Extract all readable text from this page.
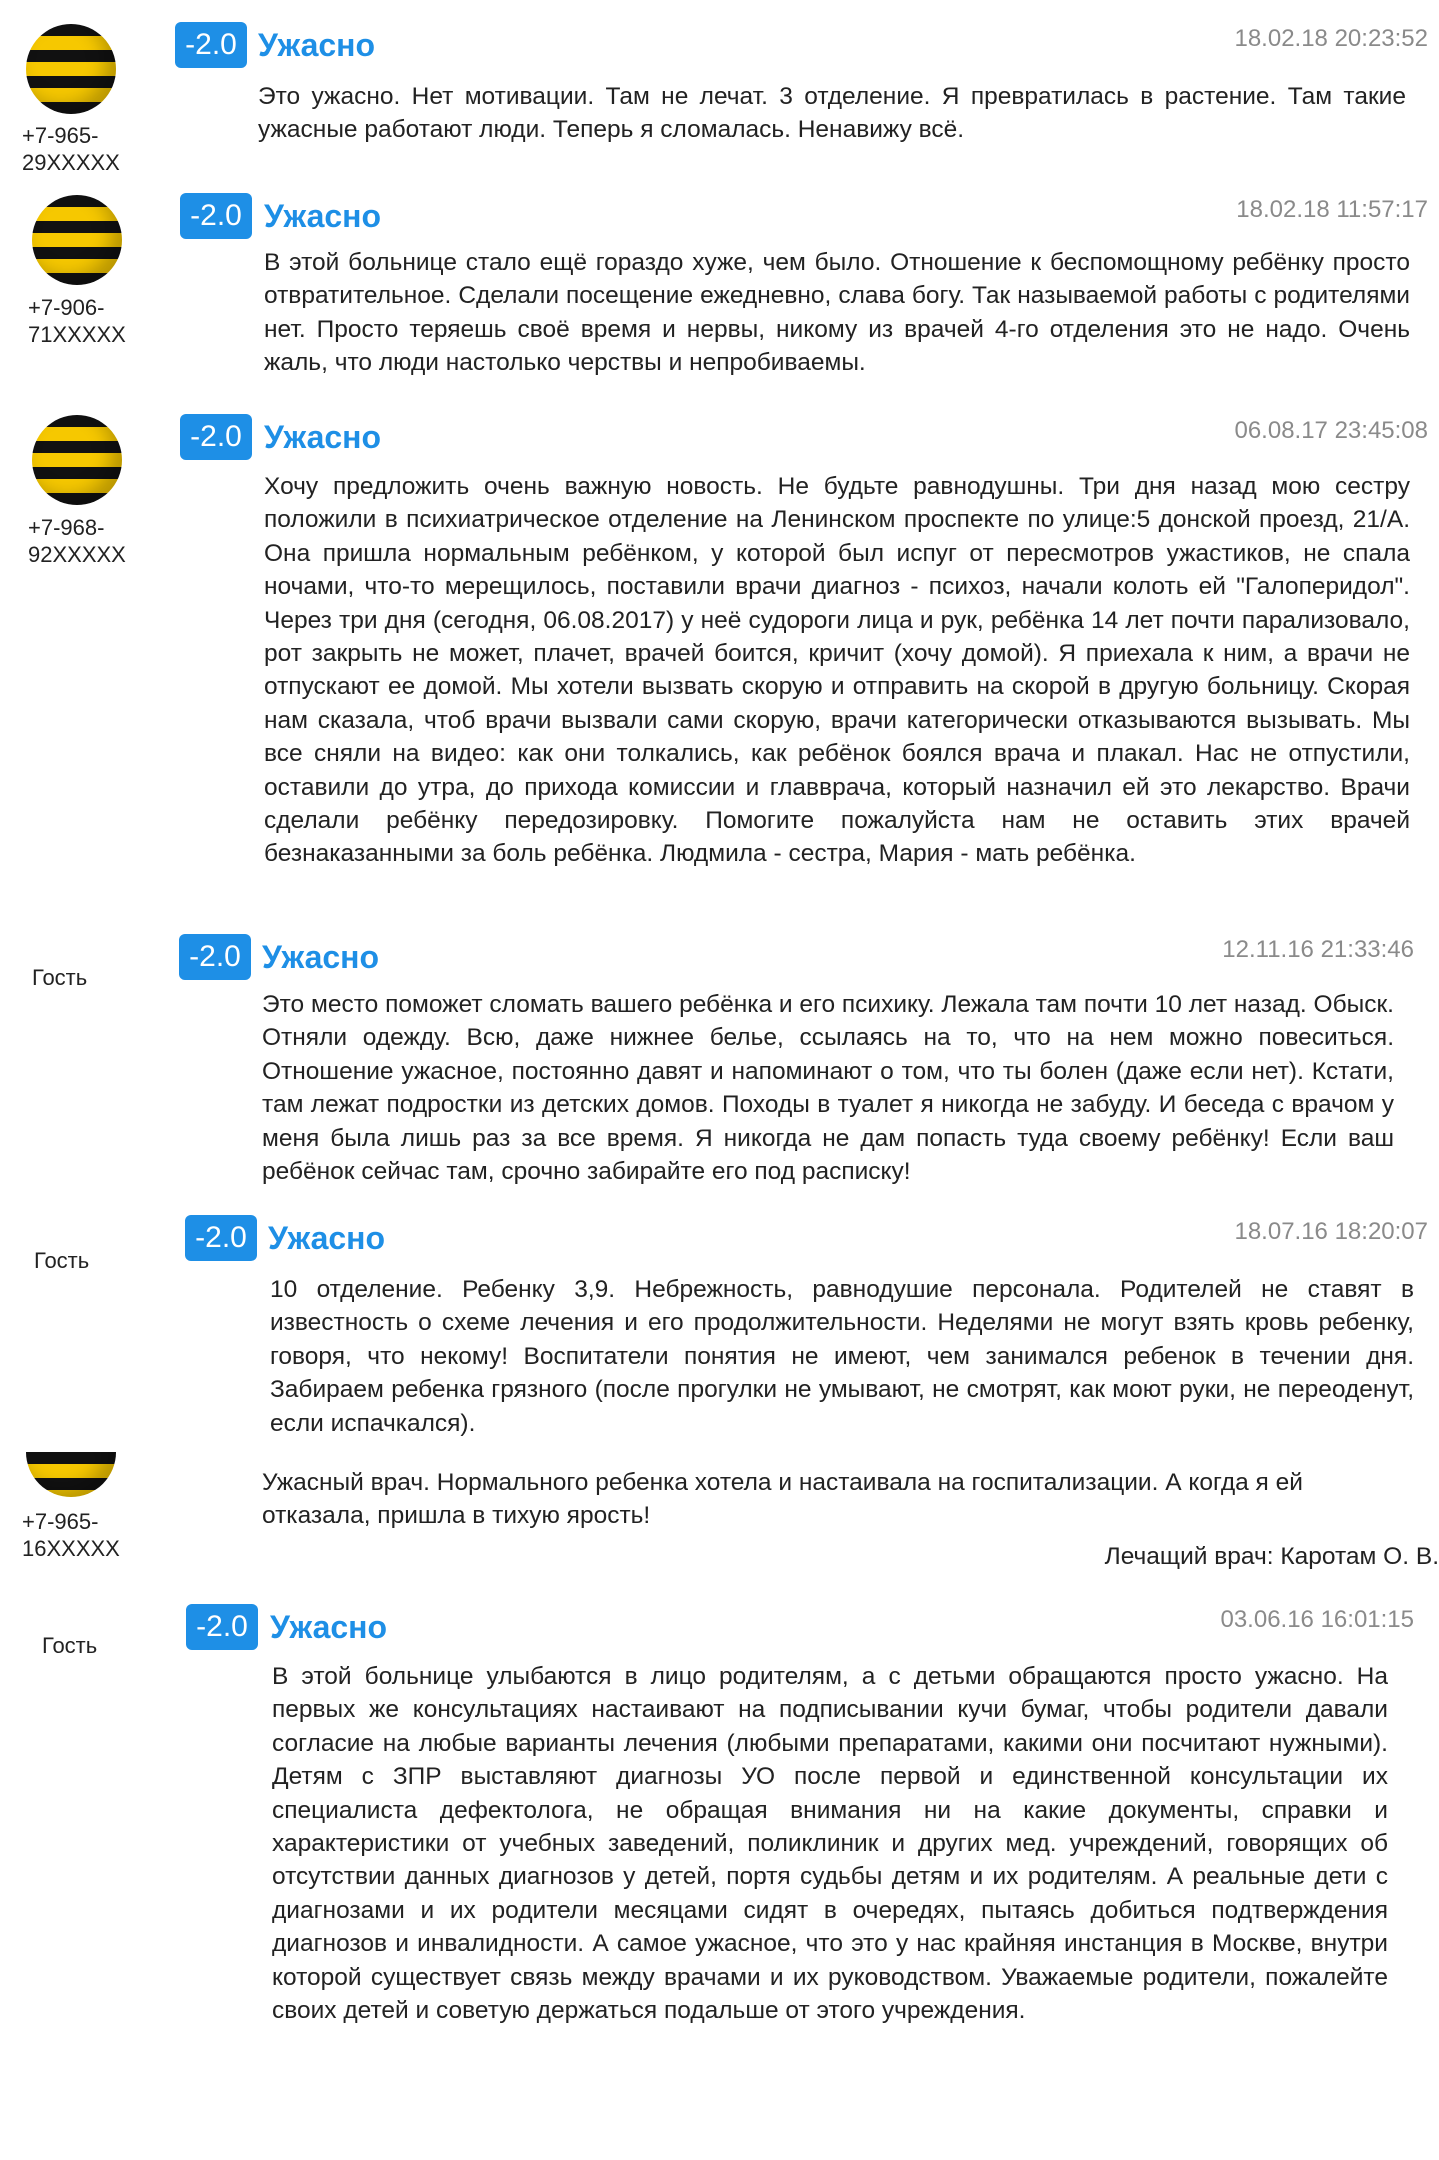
+7-965-29XXXXX
-2.0 Ужасно	18.02.18 20:23:52
Это ужасно. Нет мотивации. Там не лечат. 3 отделение. Я превратилась в растение. Там такие ужасные работают люди. Теперь я сломалась. Ненавижу всё.
+7-906-71XXXXX
-2.0 Ужасно	18.02.18 11:57:17
В этой больнице стало ещё гораздо хуже, чем было. Отношение к беспомощному ребёнку просто отвратительное. Сделали посещение ежедневно, слава богу. Так называемой работы с родителями нет. Просто теряешь своё время и нервы, никому из врачей 4-го отделения это не надо. Очень жаль, что люди настолько черствы и непробиваемы.
+7-968-92XXXXX
-2.0 Ужасно	06.08.17 23:45:08
Хочу предложить очень важную новость. Не будьте равнодушны. Три дня назад мою сестру положили в психиатрическое отделение на Ленинском проспекте по улице:5 донской проезд, 21/А. Она пришла нормальным ребёнком, у которой был испуг от пересмотров ужастиков, не спала ночами, что-то мерещилось, поставили врачи диагноз - психоз, начали колоть ей "Галоперидол". Через три дня (сегодня, 06.08.2017) у неё судороги лица и рук, ребёнка 14 лет почти парализовало, рот закрыть не может, плачет, врачей боится, кричит (хочу домой). Я приехала к ним, а врачи не отпускают ее домой. Мы хотели вызвать скорую и отправить на скорой в другую больницу. Скорая нам сказала, чтоб врачи вызвали сами скорую, врачи категорически отказываются вызывать. Мы все сняли на видео: как они толкались, как ребёнок боялся врача и плакал. Нас не отпустили, оставили до утра, до прихода комиссии и главврача, который назначил ей это лекарство. Врачи сделали ребёнку передозировку. Помогите пожалуйста нам не оставить этих врачей безнаказанными за боль ребёнка. Людмила - сестра, Мария - мать ребёнка.
Гость
-2.0 Ужасно	12.11.16 21:33:46
Это место поможет сломать вашего ребёнка и его психику. Лежала там почти 10 лет назад. Обыск. Отняли одежду. Всю, даже нижнее белье, ссылаясь на то, что на нем можно повеситься. Отношение ужасное, постоянно давят и напоминают о том, что ты болен (даже если нет). Кстати, там лежат подростки из детских домов. Походы в туалет я никогда не забуду. И беседа с врачом у меня была лишь раз за все время. Я никогда не дам попасть туда своему ребёнку! Если ваш ребёнок сейчас там, срочно забирайте его под расписку!
Гость
-2.0 Ужасно	18.07.16 18:20:07
10 отделение. Ребенку 3,9. Небрежность, равнодушие персонала. Родителей не ставят в известность о схеме лечения и его продолжительности. Неделями не могут взять кровь ребенку, говоря, что некому! Воспитатели понятия не имеют, чем занимался ребенок в течении дня. Забираем ребенка грязного (после прогулки не умывают, не смотрят, как моют руки, не переодену‍т, если испачкался).
+7-965-16XXXXX
Ужасный врач. Нормального ребенка хотела и настаивала на госпитализации. А когда я ей отказала, пришла в тихую ярость!
Лечащий врач: Каротам О. В.
Гость
-2.0 Ужасно	03.06.16 16:01:15
В этой больнице улыбаются в лицо родителям, а с детьми обращаются просто ужасно. На первых же консультациях настаивают на подписывании кучи бумаг, чтобы родители давали согласие на любые варианты лечения (любыми препаратами, какими они посчитают нужными). Детям с ЗПР выставляют диагнозы УО после первой и единственной консультации их специалиста дефектолога, не обращая внимания ни на какие документы, справки и характеристики от учебных заведений, поликлиник и других мед. учреждений, говорящих об отсутствии данных диагнозов у детей, портя судьбы детям и их родителям. А реальные дети с диагнозами и их родители месяцами сидят в очередях, пытаясь добиться подтверждения диагнозов и инвалидности. А самое ужасное, что это у нас крайняя инстанция в Москве, внутри которой существует связь между врачами и их руководством. Уважаемые родители, пожалейте своих детей и советую держаться подальше от этого учреждения.
